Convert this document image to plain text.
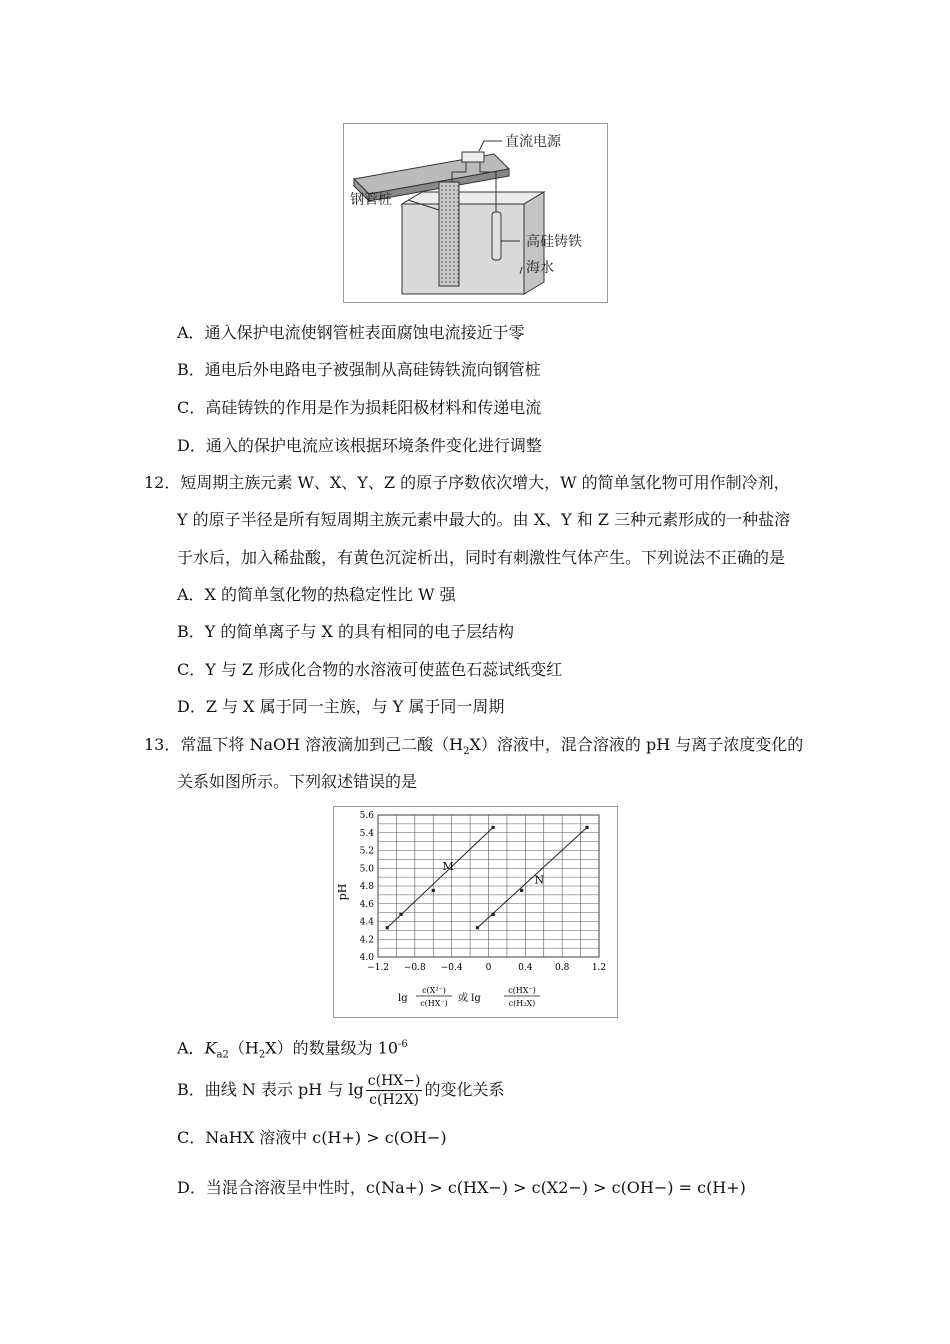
直流电源
钢管桩
高硅铸铁
海水
A．通入保护电流使钢管桩表面腐蚀电流接近于零
B．通电后外电路电子被强制从高硅铸铁流向钢管桩
C．高硅铸铁的作用是作为损耗阳极材料和传递电流
D．通入的保护电流应该根据环境条件变化进行调整
12．短周期主族元素 W、X、Y、Z 的原子序数依次增大，W 的简单氢化物可用作制冷剂，
Y 的原子半径是所有短周期主族元素中最大的。由 X、Y 和 Z 三种元素形成的一种盐溶
于水后，加入稀盐酸，有黄色沉淀析出，同时有刺激性气体产生。下列说法不正确的是
A．X 的简单氢化物的热稳定性比 W 强
B．Y 的简单离子与 X 的具有相同的电子层结构
C．Y 与 Z 形成化合物的水溶液可使蓝色石蕊试纸变红
D．Z 与 X 属于同一主族，与 Y 属于同一周期
13．常温下将 NaOH 溶液滴加到己二酸$(H_2X)$溶液中，混合溶液的 pH 与离子浓度变化的
关系如图所示。下列叙述错误的是
4.0
4.2
4.4
4.6
4.8
5.0
5.2
5.4
5.6
−1.2 −0.8 −0.4	0	0.4	0.8	1.2
M
N
pH
lg
c(X²⁻)
c(HX⁻) 或 lg
c(HX⁻)
c(H₂X)
A．$K_{a2}(H_2X)$的数量级为 $10^{-6}$
B．曲线 N 表示 pH 与 $\lg \frac{c(HX-)}{c(H2X)}$ 的变化关系
C．NaHX 溶液中 c(H+) > c(OH−)
D．当混合溶液呈中性时，c(Na+) > c(HX−) > c(X2−) > c(OH−) = c(H+)
